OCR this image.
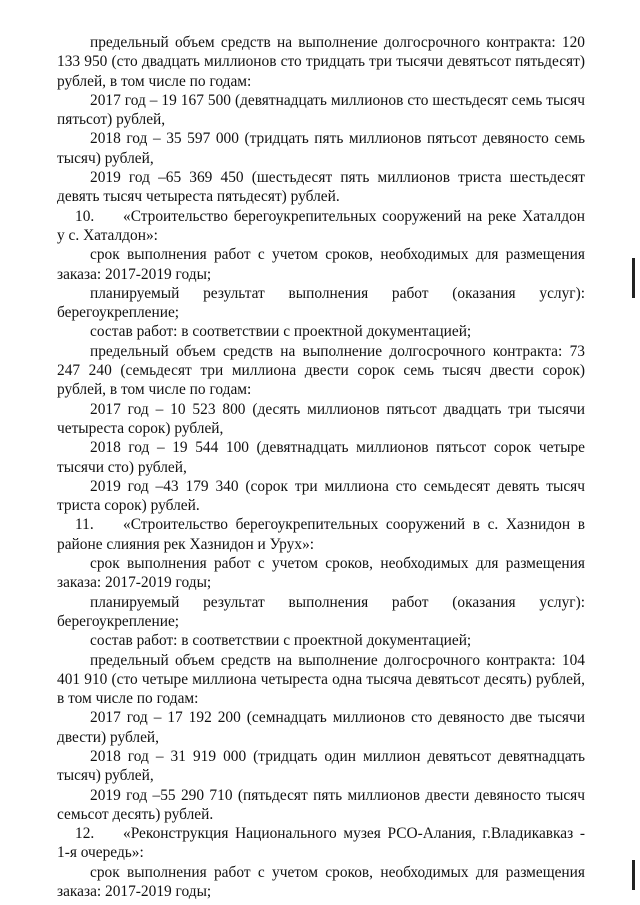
предельный объем средств на выполнение долгосрочного контракта: 120 133 950 (сто двадцать миллионов сто тридцать три тысячи девятьсот пятьдесят) рублей, в том числе по годам:

2017 год – 19 167 500 (девятнадцать миллионов сто шестьдесят семь тысяч пятьсот) рублей,

2018 год – 35 597 000 (тридцать пять миллионов пятьсот девяносто семь тысяч) рублей,

2019 год –65 369 450 (шестьдесят пять миллионов триста шестьдесят девять тысяч четыреста пятьдесят) рублей.

10. «Строительство берегоукрепительных сооружений на реке Хаталдон у с. Хаталдон»:

срок выполнения работ с учетом сроков, необходимых для размещения заказа: 2017-2019 годы;

планируемый результат выполнения работ (оказания услуг): берегоукрепление;

состав работ: в соответствии с проектной документацией;

предельный объем средств на выполнение долгосрочного контракта: 73 247 240 (семьдесят три миллиона двести сорок семь тысяч двести сорок) рублей, в том числе по годам:

2017 год – 10 523 800 (десять миллионов пятьсот двадцать три тысячи четыреста сорок) рублей,

2018 год – 19 544 100 (девятнадцать миллионов пятьсот сорок четыре тысячи сто) рублей,

2019 год –43 179 340 (сорок три миллиона сто семьдесят девять тысяч триста сорок) рублей.

11. «Строительство берегоукрепительных сооружений в с. Хазнидон в районе слияния рек Хазнидон и Урух»:

срок выполнения работ с учетом сроков, необходимых для размещения заказа: 2017-2019 годы;

планируемый результат выполнения работ (оказания услуг): берегоукрепление;

состав работ: в соответствии с проектной документацией;

предельный объем средств на выполнение долгосрочного контракта: 104 401 910 (сто четыре миллиона четыреста одна тысяча девятьсот десять) рублей, в том числе по годам:

2017 год – 17 192 200 (семнадцать миллионов сто девяносто две тысячи двести) рублей,

2018 год – 31 919 000 (тридцать один миллион девятьсот девятнадцать тысяч) рублей,

2019 год –55 290 710 (пятьдесят пять миллионов двести девяносто тысяч семьсот десять) рублей.

12. «Реконструкция Национального музея РСО-Алания, г.Владикавказ - 1-я очередь»:

срок выполнения работ с учетом сроков, необходимых для размещения заказа: 2017-2019 годы;
